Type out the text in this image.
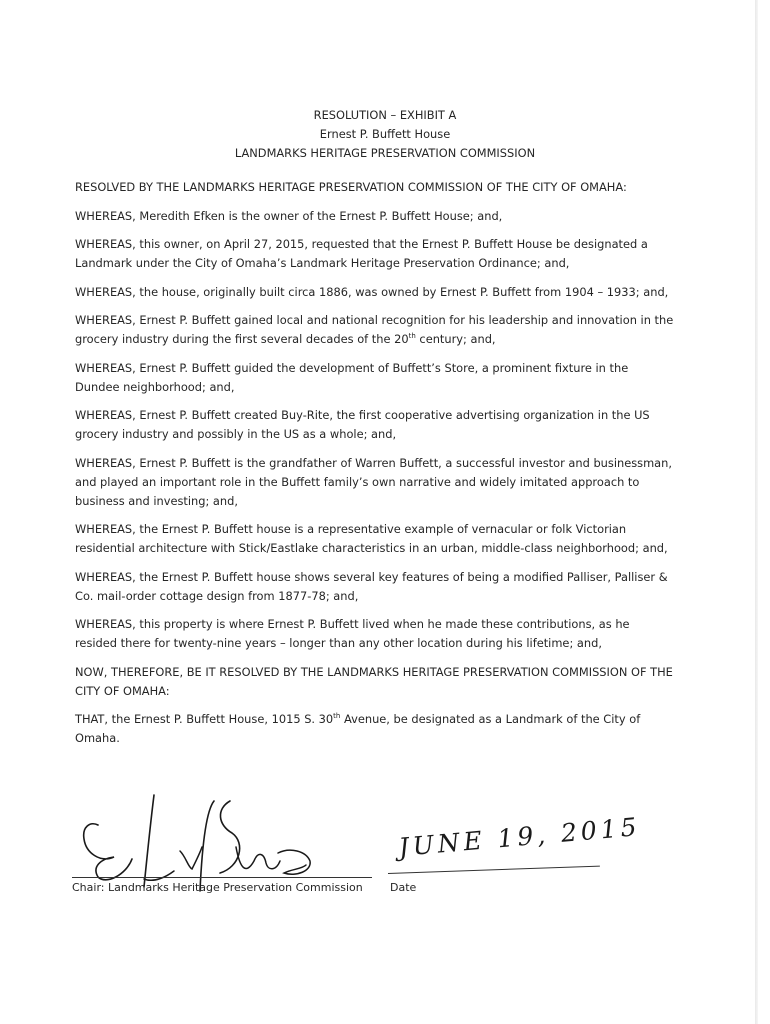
RESOLUTION – EXHIBIT A
Ernest P. Buffett House
LANDMARKS HERITAGE PRESERVATION COMMISSION

RESOLVED BY THE LANDMARKS HERITAGE PRESERVATION COMMISSION OF THE CITY OF OMAHA:

WHEREAS, Meredith Efken is the owner of the Ernest P. Buffett House; and,

WHEREAS, this owner, on April 27, 2015, requested that the Ernest P. Buffett House be designated a Landmark under the City of Omaha’s Landmark Heritage Preservation Ordinance; and,

WHEREAS, the house, originally built circa 1886, was owned by Ernest P. Buffett from 1904 – 1933; and,

WHEREAS, Ernest P. Buffett gained local and national recognition for his leadership and innovation in the grocery industry during the first several decades of the 20th century; and,

WHEREAS, Ernest P. Buffett guided the development of Buffett’s Store, a prominent fixture in the Dundee neighborhood; and,

WHEREAS, Ernest P. Buffett created Buy-Rite, the first cooperative advertising organization in the US grocery industry and possibly in the US as a whole; and,

WHEREAS, Ernest P. Buffett is the grandfather of Warren Buffett, a successful investor and businessman, and played an important role in the Buffett family’s own narrative and widely imitated approach to business and investing; and,

WHEREAS, the Ernest P. Buffett house is a representative example of vernacular or folk Victorian residential architecture with Stick/Eastlake characteristics in an urban, middle-class neighborhood; and,

WHEREAS, the Ernest P. Buffett house shows several key features of being a modified Palliser, Palliser & Co. mail-order cottage design from 1877-78; and,

WHEREAS, this property is where Ernest P. Buffett lived when he made these contributions, as he resided there for twenty-nine years – longer than any other location during his lifetime; and,

NOW, THEREFORE, BE IT RESOLVED BY THE LANDMARKS HERITAGE PRESERVATION COMMISSION OF THE CITY OF OMAHA:

THAT, the Ernest P. Buffett House, 1015 S. 30th Avenue, be designated as a Landmark of the City of Omaha.

Chair: Landmarks Heritage Preservation Commission
JUNE 19, 2015
Date
